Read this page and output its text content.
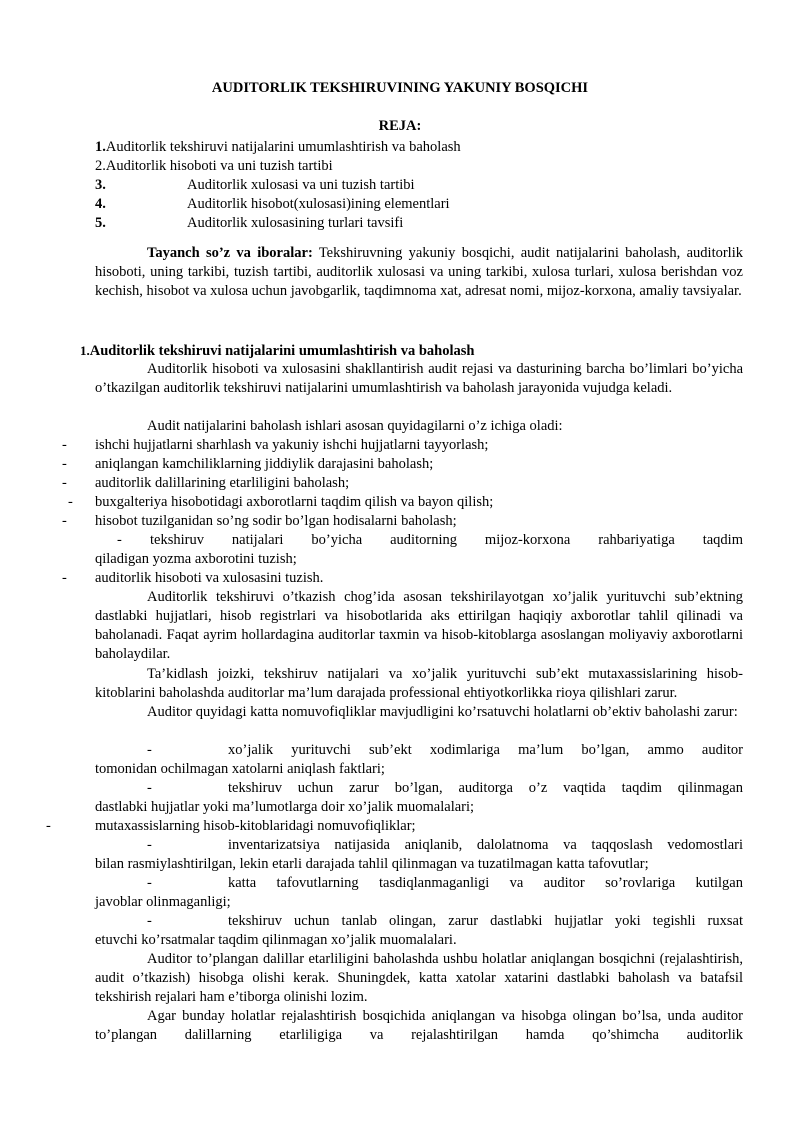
AUDITORLIK TEKSHIRUVINING YAKUNIY BOSQICHI
REJA:
1.Auditorlik tekshiruvi natijalarini umumlashtirish va baholash
2.Auditorlik hisoboti va uni tuzish tartibi
3.	Auditorlik xulosasi va uni tuzish tartibi
4.	Auditorlik hisobot(xulosasi)ining elementlari
5.	Auditorlik xulosasining turlari tavsifi
Tayanch so’z va iboralar: Tekshiruvning yakuniy bosqichi, audit natijalarini baholash, auditorlik hisoboti, uning tarkibi, tuzish tartibi, auditorlik xulosasi va uning tarkibi, xulosa turlari, xulosa berishdan voz kechish, hisobot va xulosa uchun javobgarlik, taqdimnoma xat, adresat nomi, mijoz-korxona, amaliy tavsiyalar.
1.Auditorlik tekshiruvi natijalarini umumlashtirish va baholash
Auditorlik hisoboti va xulosasini shakllantirish audit rejasi va dasturining barcha bo’limlari bo’yicha o’tkazilgan auditorlik tekshiruvi natijalarini umumlashtirish va baholash jarayonida vujudga keladi.
Audit natijalarini baholash ishlari asosan quyidagilarni o’z ichiga oladi:
- ishchi hujjatlarni sharhlash va yakuniy ishchi hujjatlarni tayyorlash;
- aniqlangan kamchiliklarning jiddiylik darajasini baholash;
- auditorlik dalillarining etarliligini baholash;
- buxgalteriya hisobotidagi axborotlarni taqdim qilish va bayon qilish;
- hisobot tuzilganidan so’ng sodir bo’lgan hodisalarni baholash;
- tekshiruv natijalari bo’yicha auditorning mijoz-korxona rahbariyatiga taqdim
qiladigan yozma axborotini tuzish;
- auditorlik hisoboti va xulosasini tuzish.
Auditorlik tekshiruvi o’tkazish chog’ida asosan tekshirilayotgan xo’jalik yurituvchi sub’ektning dastlabki hujjatlari, hisob registrlari va hisobotlarida aks ettirilgan haqiqiy axborotlar tahlil qilinadi va baholanadi. Faqat ayrim hollardagina auditorlar taxmin va hisob-kitoblarga asoslangan moliyaviy axborotlarni baholaydilar.
Ta’kidlash joizki, tekshiruv natijalari va xo’jalik yurituvchi sub’ekt mutaxassislarining hisob-kitoblarini baholashda auditorlar ma’lum darajada professional ehtiyotkorlikka rioya qilishlari zarur.
Auditor quyidagi katta nomuvofiqliklar mavjudligini ko’rsatuvchi holatlarni ob’ektiv baholashi zarur:
-	xo’jalik yurituvchi sub’ekt xodimlariga ma’lum bo’lgan, ammo auditor
tomonidan ochilmagan xatolarni aniqlash faktlari;
-	tekshiruv uchun zarur bo’lgan, auditorga o’z vaqtida taqdim qilinmagan
dastlabki hujjatlar yoki ma’lumotlarga doir xo’jalik muomalalari;
-	mutaxassislarning hisob-kitoblaridagi nomuvofiqliklar;
-	inventarizatsiya natijasida aniqlanib, dalolatnoma va taqqoslash vedomostlari
bilan rasmiylashtirilgan, lekin etarli darajada tahlil qilinmagan va tuzatilmagan katta tafovutlar;
-	katta tafovutlarning tasdiqlanmaganligi va auditor so’rovlariga kutilgan
javoblar olinmaganligi;
-	tekshiruv uchun tanlab olingan, zarur dastlabki hujjatlar yoki tegishli ruxsat
etuvchi ko’rsatmalar taqdim qilinmagan xo’jalik muomalalari.
Auditor to’plangan dalillar etarliligini baholashda ushbu holatlar aniqlangan bosqichni (rejalashtirish, audit o’tkazish) hisobga olishi kerak. Shuningdek, katta xatolar xatarini dastlabki baholash va batafsil tekshirish rejalari ham e’tiborga olinishi lozim.
Agar bunday holatlar rejalashtirish bosqichida aniqlangan va hisobga olingan bo’lsa, unda auditor to’plangan dalillarning etarliligiga va rejalashtirilgan hamda qo’shimcha auditorlik
